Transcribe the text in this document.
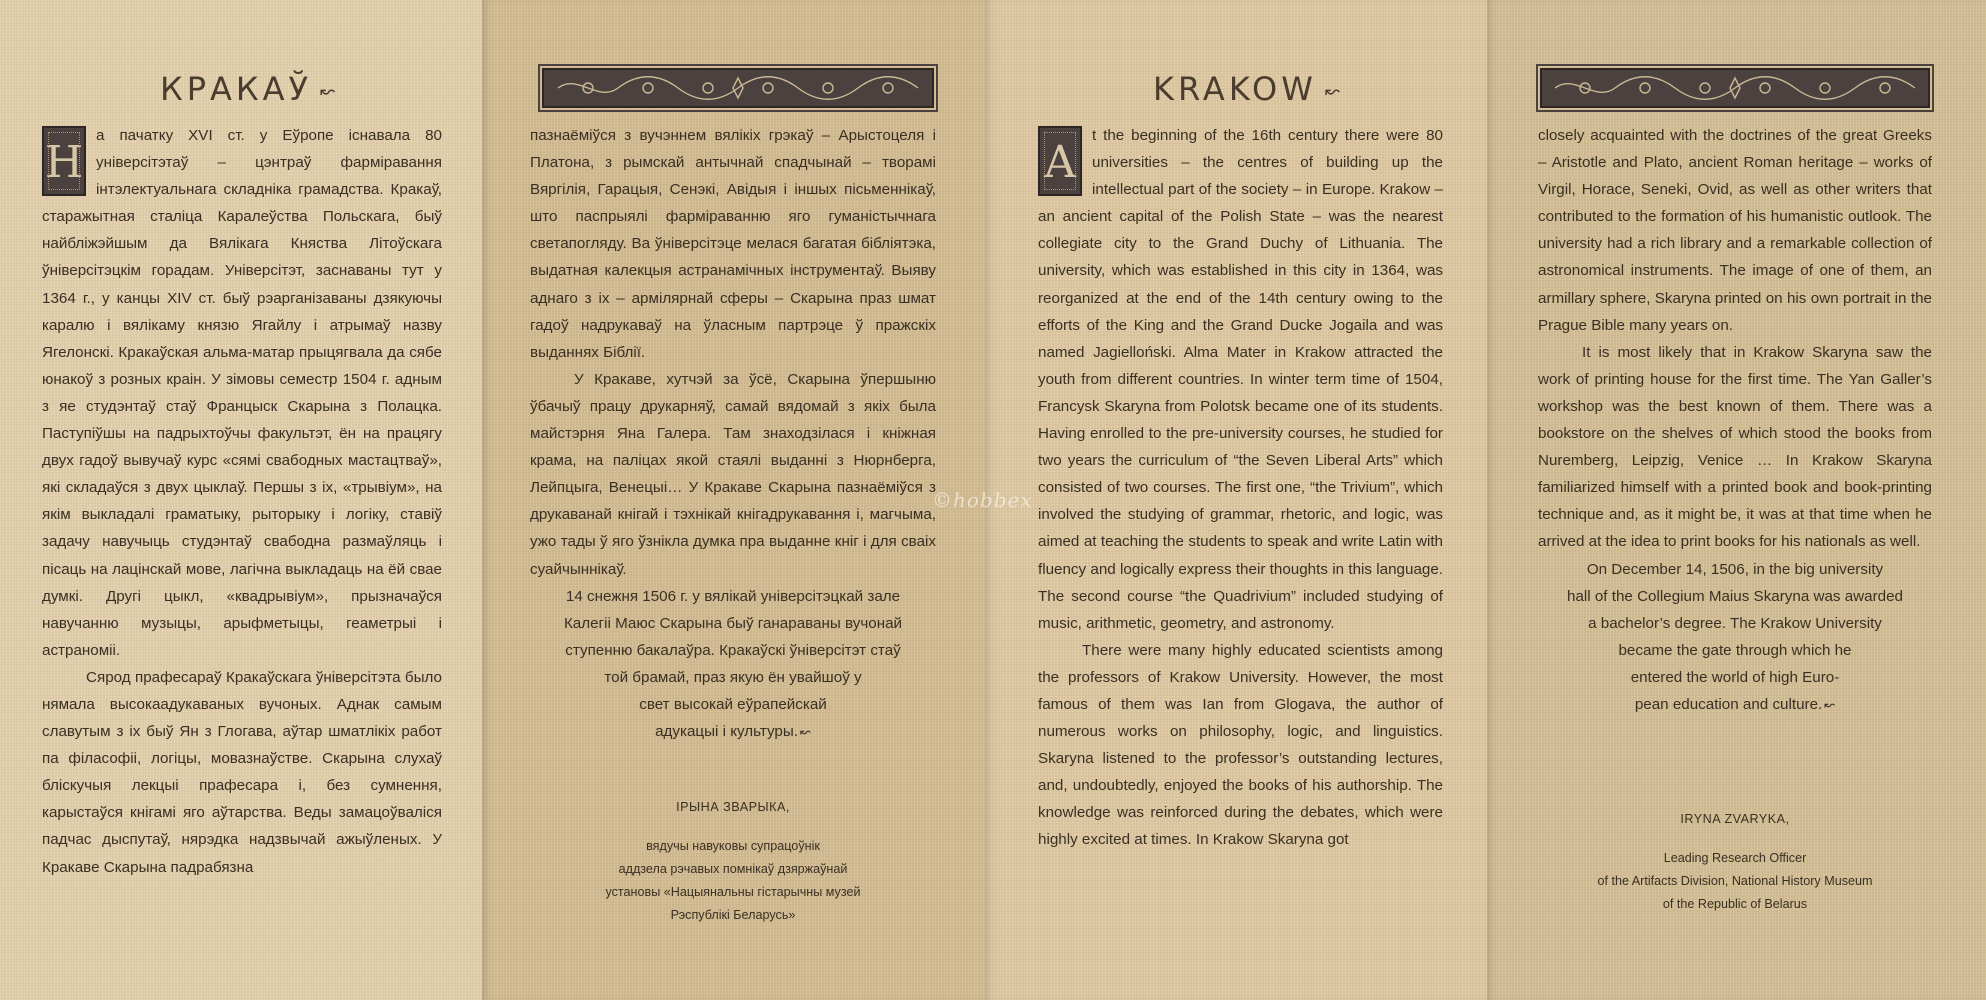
КРАКАЎ ↜

Н
а пачатку XVI ст. у Еўропе існавала 80 універсітэтаў – цэнтраў фарміравання інтэлектуальнага складніка грамадства. Кракаў, старажытная сталіца Каралеўства Польскага, быў найбліжэйшым да Вялікага Княства Літоўскага ўніверсітэцкім горадам. Універсітэт, заснаваны тут у 1364 г., у канцы XIV ст. быў рэарганізаваны дзякуючы каралю і вялікаму князю Ягайлу і атрымаў назву Ягелонскі. Кракаўская альма-матар прыцягвала да сябе юнакоў з розных краін. У зімовы семестр 1504 г. адным з яе студэнтаў стаў Францыск Скарына з Полацка. Паступіўшы на падрыхтоўчы факультэт, ён на працягу двух гадоў вывучаў курс «сямі свабодных мастацтваў», які складаўся з двух цыклаў. Першы з іх, «трывіум», на якім выкладалі граматыку, рыторыку і логіку, ставіў задачу навучыць студэнтаў свабодна размаўляць і пісаць на лацінскай мове, лагічна выкладаць на ёй свае думкі. Другі цыкл, «квадрывіум», прызначаўся навучанню музыцы, арыфметыцы, геаметрыі і астраноміі.

Сярод прафесараў Кракаўскага ўніверсітэта было нямала высокаадукаваных вучоных. Аднак самым славутым з іх быў Ян з Глогава, аўтар шматлікіх работ па філасофіі, логіцы, мовазнаўстве. Скарына слухаў бліскучыя лекцыі прафесара і, без сумнення, карыстаўся кнігамі яго аўтарства. Веды замацоўваліся падчас дыспутаў, нярэдка надзвычай ажыўленых. У Кракаве Скарына падрабязна

пазнаёміўся з вучэннем вялікіх грэкаў – Арыстоцеля і Платона, з рымскай антычнай спадчынай – творамі Вяргілія, Гарацыя, Сенэкі, Авідыя і іншых пісьменнікаў, што паспрыялі фарміраванню яго гуманістычнага светапогляду. Ва ўніверсітэце мелася багатая бібліятэка, выдатная калекцыя астранамічных інструментаў. Выяву аднаго з іх – армілярнай сферы – Скарына праз шмат гадоў надрукаваў на ўласным партрэце ў пражскіх выданнях Біблії.

У Кракаве, хутчэй за ўсё, Скарына ўпершыню ўбачыў працу друкарняў, самай вядомай з якіх была майстэрня Яна Галера. Там знаходзілася і кніжная крама, на паліцах якой стаялі выданні з Нюрнберга, Лейпцыга, Венецыі… У Кракаве Скарына пазнаёміўся з друкаванай кнігай і тэхнікай кнігадрукавання і, магчыма, ужо тады ў яго ўзнікла думка пра выданне кніг і для сваіх суайчыннікаў.

14 снежня 1506 г. у вялікай універсітэцкай зале

Калегіі Маюс Скарына быў ганараваны вучонай

ступенню бакалаўра. Кракаўскі ўніверсітэт стаў

той брамай, праз якую ён увайшоў у

свет высокай еўрапейскай

адукацыі і культуры. ↜

ІРЫНА ЗВАРЫКА,
вядучы навуковы супрацоўнік
аддзела рэчавых помнікаў дзяржаўнай
установы «Нацыянальны гістарычны музей
Рэспублікі Беларусь»
KRAKOW ↜

A
t the beginning of the 16th century there were 80 universities – the centres of building up the intellectual part of the society – in Europe. Krakow – an ancient capital of the Polish State – was the nearest collegiate city to the Grand Duchy of Lithuania. The university, which was established in this city in 1364, was reorganized at the end of the 14th century owing to the efforts of the King and the Grand Ducke Jogaila and was named Jagielloński. Alma Mater in Krakow attracted the youth from different countries. In winter term time of 1504, Francysk Skaryna from Polotsk became one of its students. Having enrolled to the pre-university courses, he studied for two years the curriculum of “the Seven Liberal Arts” which consisted of two courses. The first one, “the Trivium”, which involved the studying of grammar, rhetoric, and logic, was aimed at teaching the students to speak and write Latin with fluency and logically express their thoughts in this language. The second course “the Quadrivium” included studying of music, arithmetic, geometry, and astronomy.

There were many highly educated scientists among the professors of Krakow University. However, the most famous of them was Ian from Glogava, the author of numerous works on philosophy, logic, and linguistics. Skaryna listened to the professor’s outstanding lectures, and, undoubtedly, enjoyed the books of his authorship. The knowledge was reinforced during the debates, which were highly excited at times. In Krakow Skaryna got

closely acquainted with the doctrines of the great Greeks – Aristotle and Plato, ancient Roman heritage – works of Virgil, Horace, Seneki, Ovid, as well as other writers that contributed to the formation of his humanistic outlook. The university had a rich library and a remarkable collection of astronomical instruments. The image of one of them, an armillary sphere, Skaryna printed on his own portrait in the Prague Bible many years on.

It is most likely that in Krakow Skaryna saw the work of printing house for the first time. The Yan Galler’s workshop was the best known of them. There was a bookstore on the shelves of which stood the books from Nuremberg, Leipzig, Venice … In Krakow Skaryna familiarized himself with a printed book and book-printing technique and, as it might be, it was at that time when he arrived at the idea to print books for his nationals as well.

On December 14, 1506, in the big university

hall of the Collegium Maius Skaryna was awarded

a bachelor’s degree. The Krakow University

became the gate through which he

entered the world of high Euro-

pean education and culture. ↜

IRYNA ZVARYKA,
Leading Research Officer
of the Artifacts Division, National History Museum
of the Republic of Belarus
©hobbex
